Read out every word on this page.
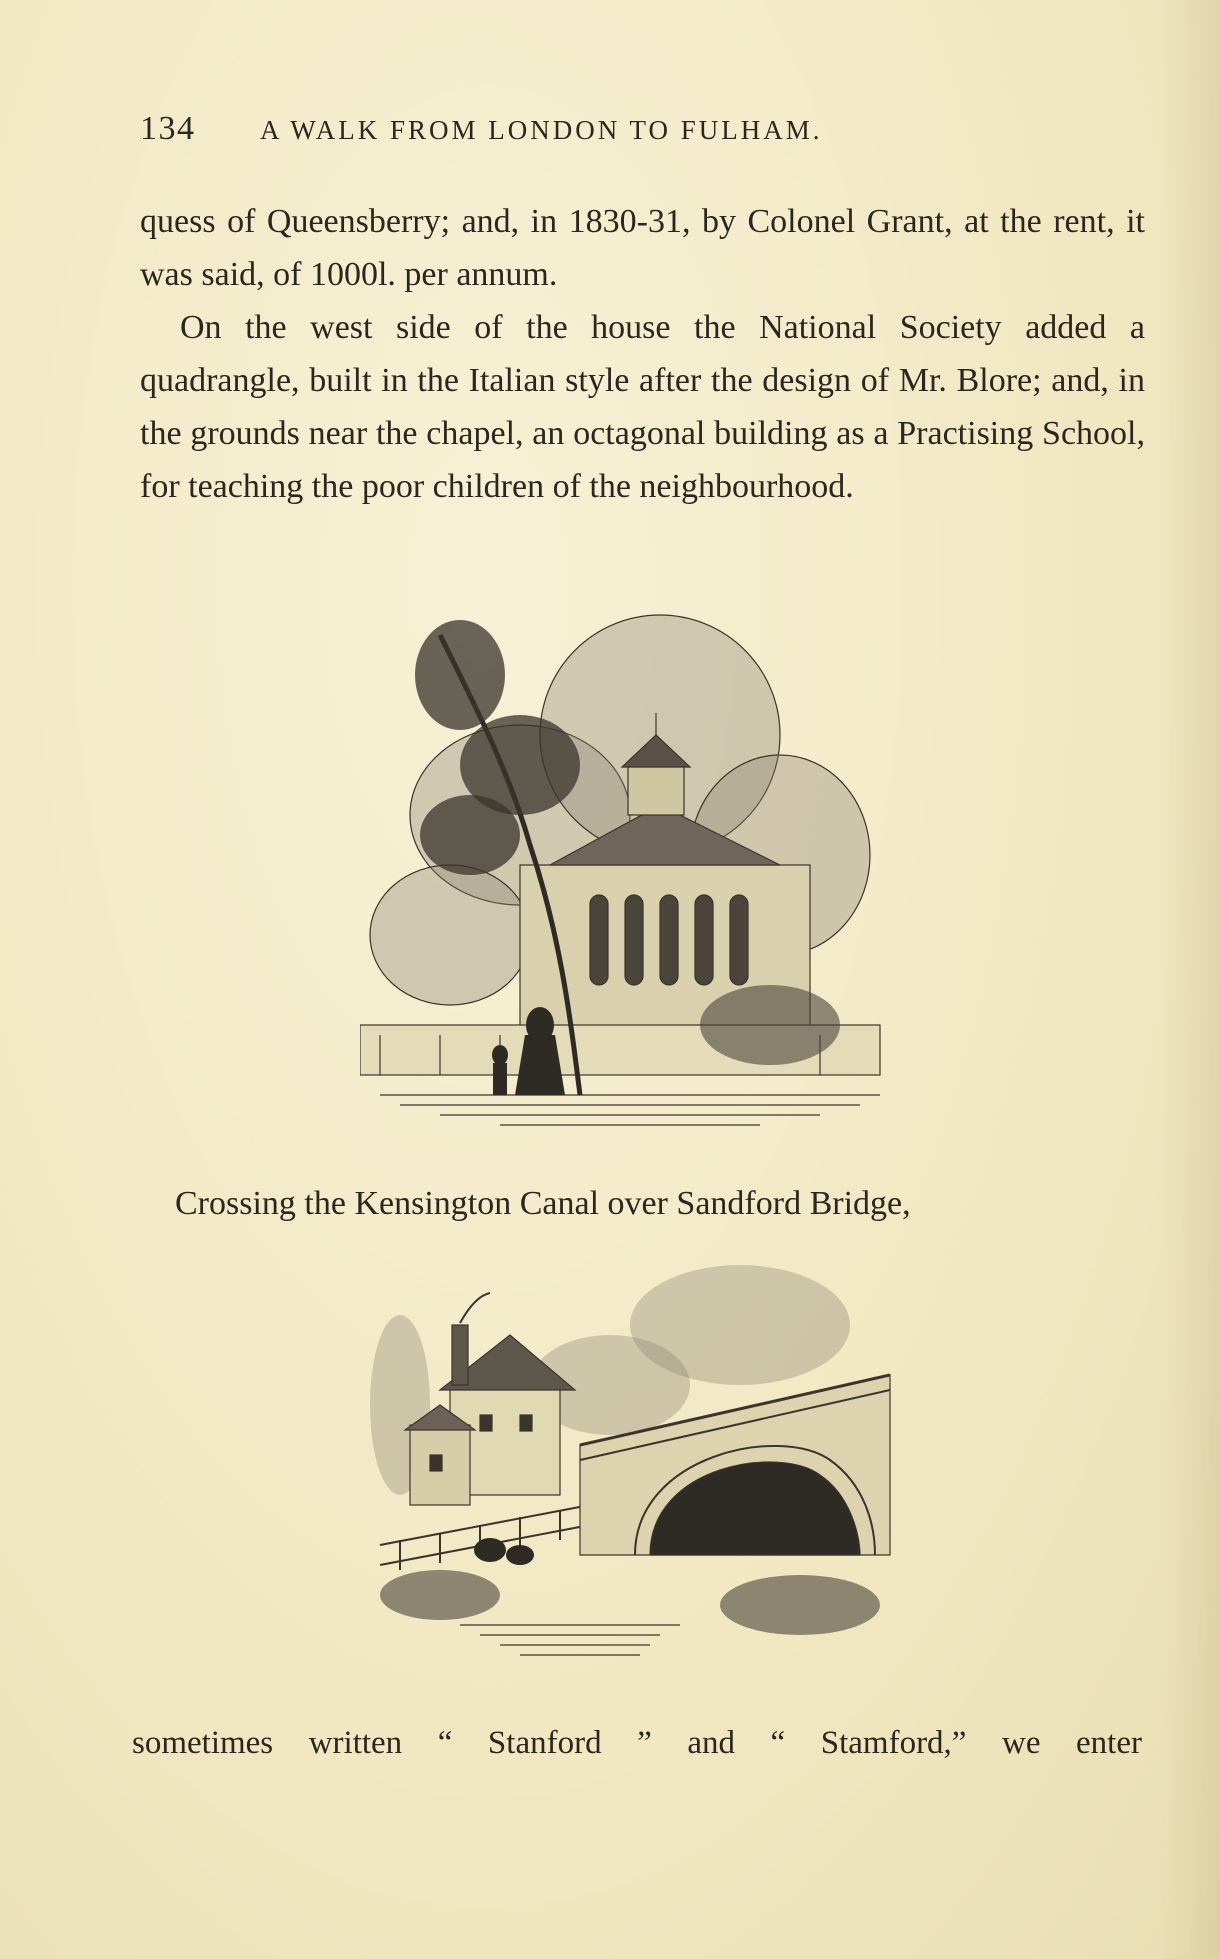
134	A WALK FROM LONDON TO FULHAM.
quess of Queensberry; and, in 1830-31, by Colonel Grant, at the rent, it was said, of 1000l. per annum.
On the west side of the house the National Society added a quadrangle, built in the Italian style after the design of Mr. Blore; and, in the grounds near the chapel, an octagonal building as a Practising School, for teaching the poor children of the neighbourhood.
Crossing the Kensington Canal over Sandford Bridge,
sometimes written “ Stanford ” and “ Stamford,” we enter
